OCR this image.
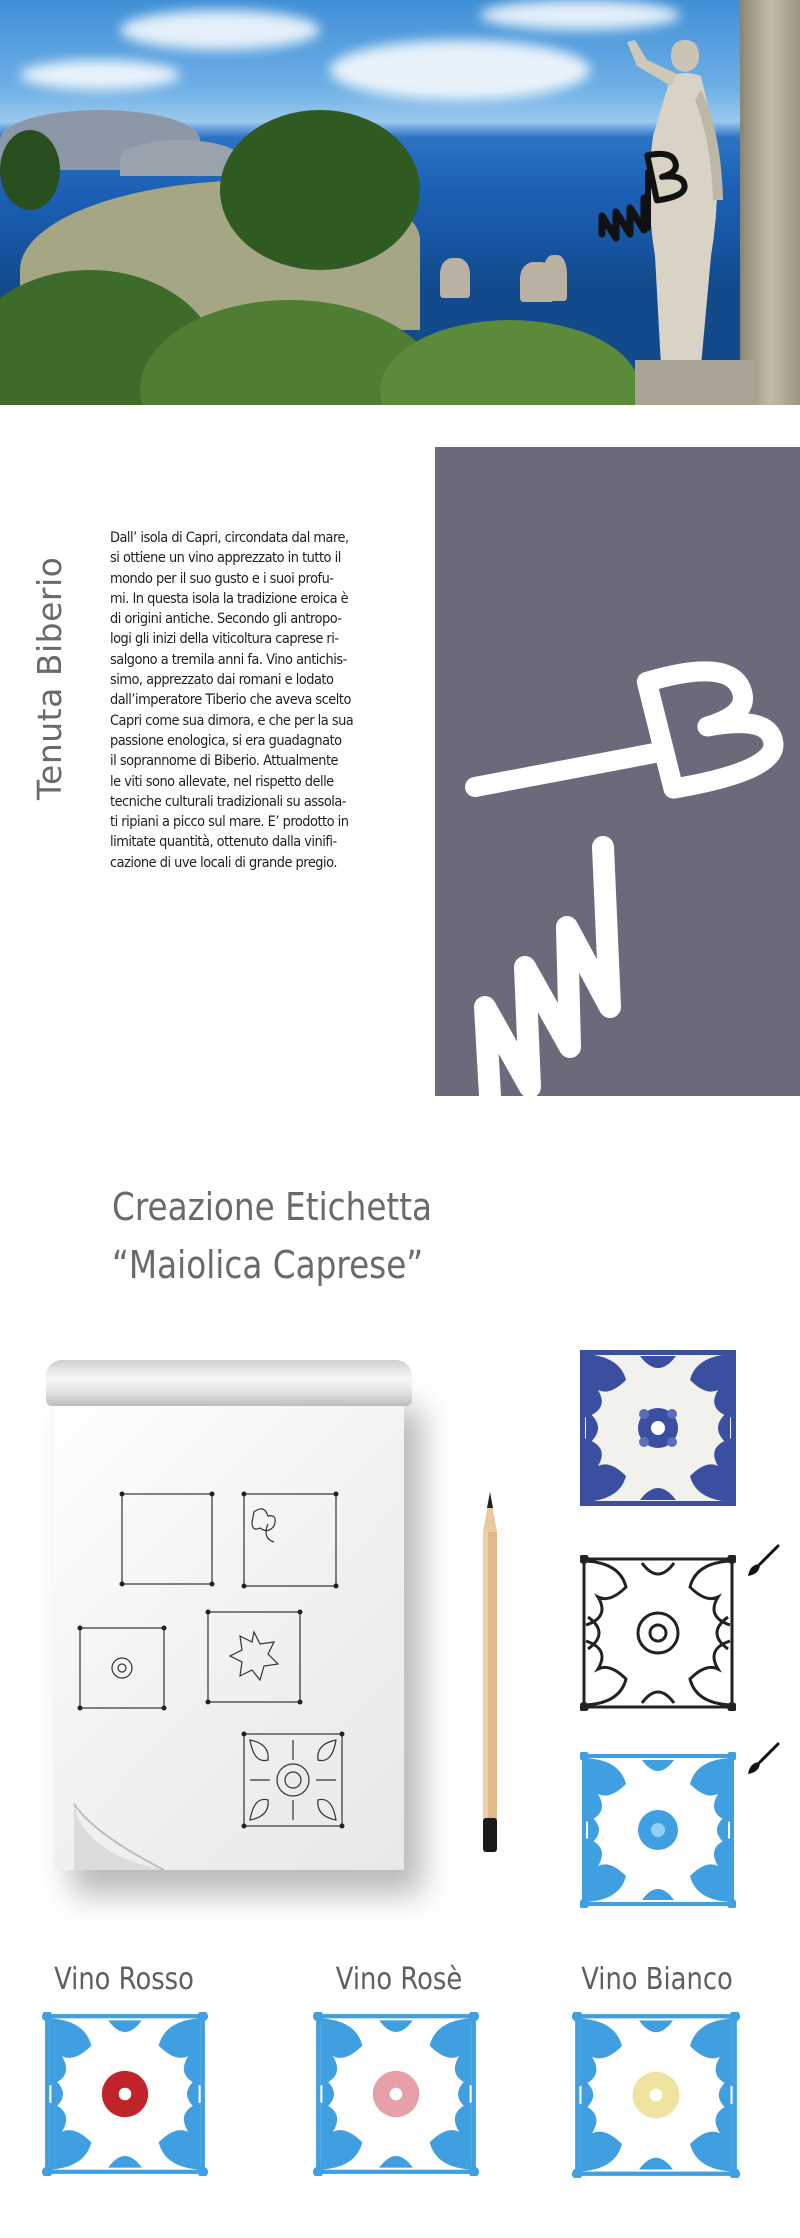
Tenuta Biberio
Dall’ isola di Capri, circondata dal mare,
si ottiene un vino apprezzato in tutto il
mondo per il suo gusto e i suoi profu-
mi. In questa isola la tradizione eroica è
di origini antiche. Secondo gli antropo-
logi gli inizi della viticoltura caprese ri-
salgono a tremila anni fa. Vino antichis-
simo, apprezzato dai romani e lodato
dall’imperatore Tiberio che aveva scelto
Capri come sua dimora, e che per la sua
passione enologica, si era guadagnato
il soprannome di Biberio. Attualmente
le viti sono allevate, nel rispetto delle
tecniche culturali tradizionali su assola-
ti ripiani a picco sul mare. E’ prodotto in
limitate quantità, ottenuto dalla vinifi-
cazione di uve locali di grande pregio.
Creazione Etichetta
“Maiolica Caprese”
Vino Rosso	Vino Rosè	Vino Bianco
